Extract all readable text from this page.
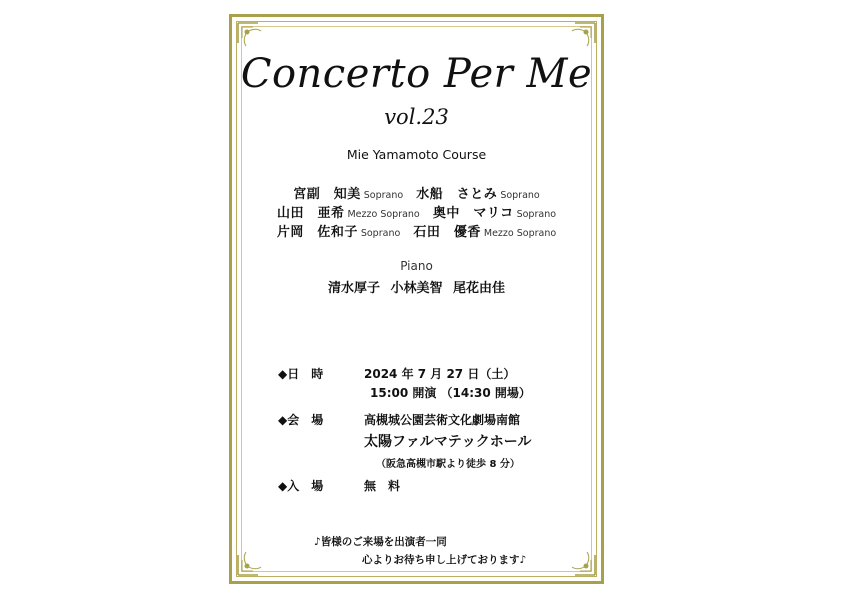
Concerto Per Me
vol.23
Mie Yamamoto Course
宮副　知美 Soprano 水船　さとみ Soprano
山田　亜希 Mezzo Soprano 奥中　マリコ Soprano
片岡　佐和子 Soprano 石田　優香 Mezzo Soprano
Piano
清水厚子 小林美智 尾花由佳
◆日　時	2024 年 7 月 27 日（土）
15:00 開演 （14:30 開場）
◆会　場	高槻城公園芸術文化劇場南館
太陽ファルマテックホール
（阪急高槻市駅より徒歩 8 分）
◆入　場	無　料
♪皆様のご来場を出演者一同
心よりお待ち申し上げております♪
